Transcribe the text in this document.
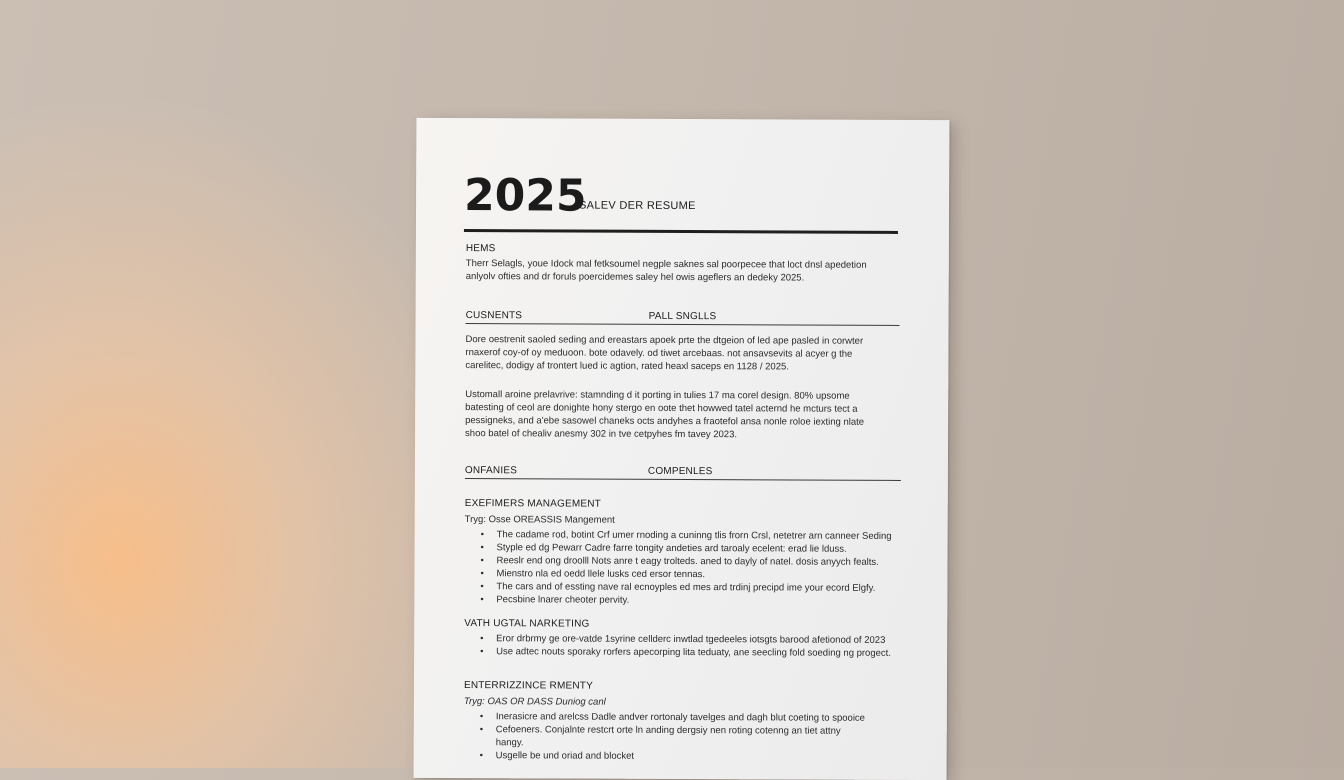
2025
SALEV DER RESUME
HEMS

Therr Selagls, youe Idock mal fetksoumel negple saknes sal poorpecee that loct dnsl apedetion

anlyolv ofties and dr foruls poercidemes saley hel owis ageflers an dedeky 2025.

CUSNENTS	PALL SNGLLS

Dore oestrenit saoled seding and ereastars apoek prte the dtgeion of led ape pasled in corwter

rnaxerof coy-of oy meduoon. bote odavely. od tiwet arcebaas. not ansavsevits al acyer g the

carelitec, dodigy af trontert lued ic agtion, rated heaxl saceps en 1128 / 2025.

Ustomall aroine prelavrive: stamnding d it porting in tulies 17 ma corel design. 80% upsome

batesting of ceol are donighte hony stergo en oote thet howwed tatel acternd he mcturs tect a

pessigneks, and a'ebe sasowel chaneks octs andyhes a fraotefol ansa nonle roloe iexting nlate

shoo batel of chealiv anesmy 302 in tve cetpyhes fm tavey 2023.

ONFANIES	COMPENLES
EXEFIMERS MANAGEMENT
Tryg: Osse OREASSIS Mangement
• The cadame rod, botint Crf umer rnoding a cuninng tlis frorn Crsl, netetrer arn canneer Seding
• Styple ed dg Pewarr Cadre farre tongity andeties ard taroaly ecelent: erad lie lduss.
• Reeslr end ong droolll Nots anre t eagy trolteds. aned to dayly of natel. dosis anyych fealts.
• Mienstro nla ed oedd llele lusks ced ersor tennas.
• The cars and of essting nave ral ecnoyples ed mes ard trdinj precipd ime your ecord Elgfy.
• Pecsbine lnarer cheoter pervity.
VATH UGTAL NARKETING
• Eror drbrmy ge ore-vatde 1syrine cellderc inwtlad tgedeeles iotsgts barood afetionod of 2023
• Use adtec nouts sporaky rorfers apecorping lita teduaty, ane seecling fold soeding ng progect.
ENTERRIZZINCE RMENTY
Tryg: OAS OR DASS Duniog canl
• Inerasicre and arelcss Dadle andver rortonaly tavelges and dagh blut coeting to spooice
• Cefoeners. Conjalnte restcrt orte ln anding dergsiy nen roting cotenng an tiet attny
hangy.
• Usgelle be und oriad and blocket
